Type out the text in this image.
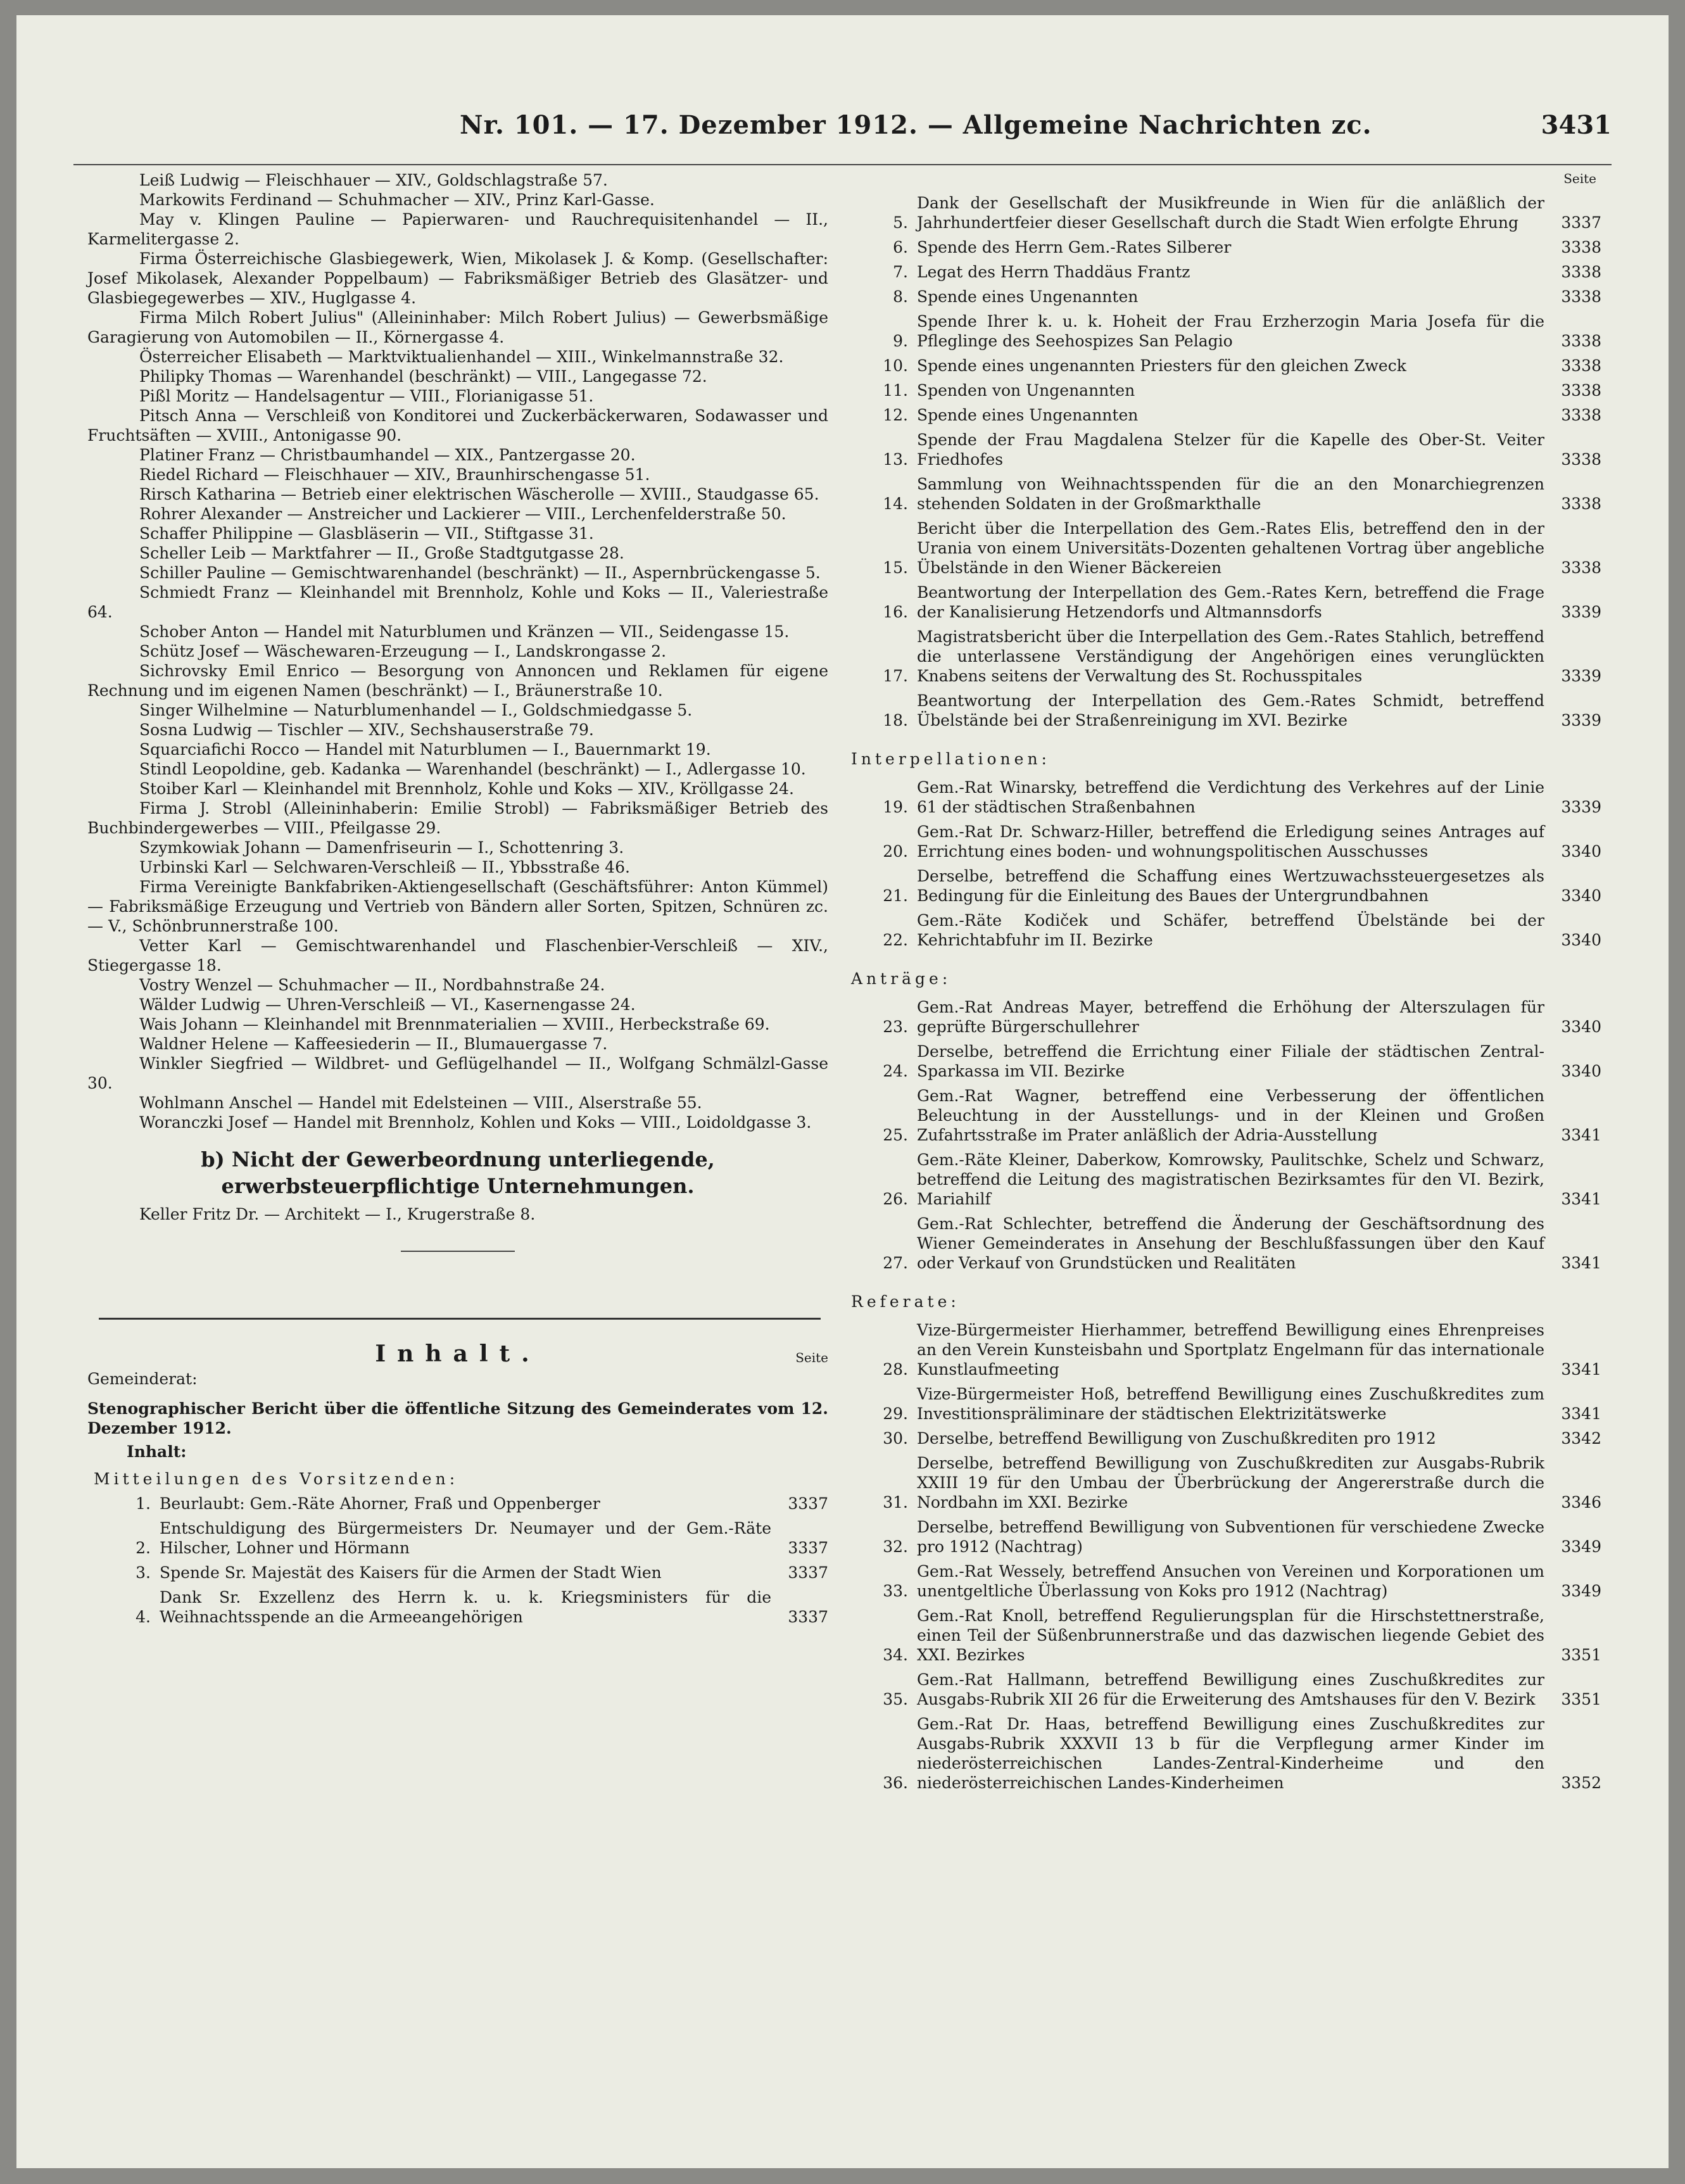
Nr. 101. — 17. Dezember 1912. — Allgemeine Nachrichten zc.	3431

Leiß Ludwig — Fleischhauer — XIV., Goldschlagstraße 57.

Markowits Ferdinand — Schuhmacher — XIV., Prinz Karl-Gasse.

May v. Klingen Pauline — Papierwaren- und Rauchrequisitenhandel — II., Karmelitergasse 2.

Firma Österreichische Glasbiegewerk, Wien, Mikolasek J. & Komp. (Gesellschafter: Josef Mikolasek, Alexander Poppelbaum) — Fabriksmäßiger Betrieb des Glasätzer- und Glasbiegegewerbes — XIV., Huglgasse 4.

Firma Milch Robert Julius" (Alleininhaber: Milch Robert Julius) — Gewerbsmäßige Garagierung von Automobilen — II., Körnergasse 4.

Österreicher Elisabeth — Marktviktualienhandel — XIII., Winkelmannstraße 32.

Philipky Thomas — Warenhandel (beschränkt) — VIII., Langegasse 72.

Pißl Moritz — Handelsagentur — VIII., Florianigasse 51.

Pitsch Anna — Verschleiß von Konditorei und Zuckerbäckerwaren, Sodawasser und Fruchtsäften — XVIII., Antonigasse 90.

Platiner Franz — Christbaumhandel — XIX., Pantzergasse 20.

Riedel Richard — Fleischhauer — XIV., Braunhirschengasse 51.

Rirsch Katharina — Betrieb einer elektrischen Wäscherolle — XVIII., Staudgasse 65.

Rohrer Alexander — Anstreicher und Lackierer — VIII., Lerchenfelderstraße 50.

Schaffer Philippine — Glasbläserin — VII., Stiftgasse 31.

Scheller Leib — Marktfahrer — II., Große Stadtgutgasse 28.

Schiller Pauline — Gemischtwarenhandel (beschränkt) — II., Aspernbrückengasse 5.

Schmiedt Franz — Kleinhandel mit Brennholz, Kohle und Koks — II., Valeriestraße 64.

Schober Anton — Handel mit Naturblumen und Kränzen — VII., Seidengasse 15.

Schütz Josef — Wäschewaren-Erzeugung — I., Landskrongasse 2.

Sichrovsky Emil Enrico — Besorgung von Annoncen und Reklamen für eigene Rechnung und im eigenen Namen (beschränkt) — I., Bräunerstraße 10.

Singer Wilhelmine — Naturblumenhandel — I., Goldschmiedgasse 5.

Sosna Ludwig — Tischler — XIV., Sechshauserstraße 79.

Squarciafichi Rocco — Handel mit Naturblumen — I., Bauernmarkt 19.

Stindl Leopoldine, geb. Kadanka — Warenhandel (beschränkt) — I., Adlergasse 10.

Stoiber Karl — Kleinhandel mit Brennholz, Kohle und Koks — XIV., Kröllgasse 24.

Firma J. Strobl (Alleininhaberin: Emilie Strobl) — Fabriksmäßiger Betrieb des Buchbindergewerbes — VIII., Pfeilgasse 29.

Szymkowiak Johann — Damenfriseurin — I., Schottenring 3.

Urbinski Karl — Selchwaren-Verschleiß — II., Ybbsstraße 46.

Firma Vereinigte Bankfabriken-Aktiengesellschaft (Geschäftsführer: Anton Kümmel) — Fabriksmäßige Erzeugung und Vertrieb von Bändern aller Sorten, Spitzen, Schnüren zc. — V., Schönbrunnerstraße 100.

Vetter Karl — Gemischtwarenhandel und Flaschenbier-Verschleiß — XIV., Stiegergasse 18.

Vostry Wenzel — Schuhmacher — II., Nordbahnstraße 24.

Wälder Ludwig — Uhren-Verschleiß — VI., Kasernengasse 24.

Wais Johann — Kleinhandel mit Brennmaterialien — XVIII., Herbeckstraße 69.

Waldner Helene — Kaffeesiederin — II., Blumauergasse 7.

Winkler Siegfried — Wildbret- und Geflügelhandel — II., Wolfgang Schmälzl-Gasse 30.

Wohlmann Anschel — Handel mit Edelsteinen — VIII., Alserstraße 55.

Woranczki Josef — Handel mit Brennholz, Kohlen und Koks — VIII., Loidoldgasse 3.

b) Nicht der Gewerbeordnung unterliegende, erwerbsteuerpflichtige Unternehmungen.

Keller Fritz Dr. — Architekt — I., Krugerstraße 8.

Inhalt.	Seite

Gemeinderat:

Stenographischer Bericht über die öffentliche Sitzung des Gemeinderates vom 12. Dezember 1912.

Inhalt:

Mitteilungen des Vorsitzenden:

1. Beurlaubt: Gem.-Räte Ahorner, Fraß und Oppenberger	3337
2.
Entschuldigung des Bürgermeisters Dr. Neumayer und der Gem.-Räte Hilscher, Lohner und Hörmann	3337
3. Spende Sr. Majestät des Kaisers für die Armen der Stadt Wien	3337
4.
Dank Sr. Exzellenz des Herrn k. u. k. Kriegsministers für die Weihnachtsspende an die Armeeangehörigen	3337
Seite
5.
Dank der Gesellschaft der Musikfreunde in Wien für die anläßlich der Jahrhundertfeier dieser Gesellschaft durch die Stadt Wien erfolgte Ehrung	3337
6. Spende des Herrn Gem.-Rates Silberer	3338
7. Legat des Herrn Thaddäus Frantz	3338
8. Spende eines Ungenannten	3338
9.
Spende Ihrer k. u. k. Hoheit der Frau Erzherzogin Maria Josefa für die Pfleglinge des Seehospizes San Pelagio	3338
10. Spende eines ungenannten Priesters für den gleichen Zweck	3338
11. Spenden von Ungenannten	3338
12. Spende eines Ungenannten	3338
13.
Spende der Frau Magdalena Stelzer für die Kapelle des Ober-St. Veiter Friedhofes	3338
14.
Sammlung von Weihnachtsspenden für die an den Monarchiegrenzen stehenden Soldaten in der Großmarkthalle	3338
15.
Bericht über die Interpellation des Gem.-Rates Elis, betreffend den in der Urania von einem Universitäts-Dozenten gehaltenen Vortrag über angebliche Übelstände in den Wiener Bäckereien	3338
16.
Beantwortung der Interpellation des Gem.-Rates Kern, betreffend die Frage der Kanalisierung Hetzendorfs und Altmannsdorfs	3339
17.
Magistratsbericht über die Interpellation des Gem.-Rates Stahlich, betreffend die unterlassene Verständigung der Angehörigen eines verunglückten Knabens seitens der Verwaltung des St. Rochusspitales	3339
18.
Beantwortung der Interpellation des Gem.-Rates Schmidt, betreffend Übelstände bei der Straßenreinigung im XVI. Bezirke	3339

Interpellationen:

19.
Gem.-Rat Winarsky, betreffend die Verdichtung des Verkehres auf der Linie 61 der städtischen Straßenbahnen	3339
20.
Gem.-Rat Dr. Schwarz-Hiller, betreffend die Erledigung seines Antrages auf Errichtung eines boden- und wohnungspolitischen Ausschusses	3340
21.
Derselbe, betreffend die Schaffung eines Wertzuwachssteuergesetzes als Bedingung für die Einleitung des Baues der Untergrundbahnen	3340
22.
Gem.-Räte Kodiček und Schäfer, betreffend Übelstände bei der Kehrichtabfuhr im II. Bezirke	3340

Anträge:

23.
Gem.-Rat Andreas Mayer, betreffend die Erhöhung der Alterszulagen für geprüfte Bürgerschullehrer	3340
24.
Derselbe, betreffend die Errichtung einer Filiale der städtischen Zentral-Sparkassa im VII. Bezirke	3340
25.
Gem.-Rat Wagner, betreffend eine Verbesserung der öffentlichen Beleuchtung in der Ausstellungs- und in der Kleinen und Großen Zufahrtsstraße im Prater anläßlich der Adria-Ausstellung	3341
26.
Gem.-Räte Kleiner, Daberkow, Komrowsky, Paulitschke, Schelz und Schwarz, betreffend die Leitung des magistratischen Bezirksamtes für den VI. Bezirk, Mariahilf	3341
27.
Gem.-Rat Schlechter, betreffend die Änderung der Geschäftsordnung des Wiener Gemeinderates in Ansehung der Beschlußfassungen über den Kauf oder Verkauf von Grundstücken und Realitäten	3341

Referate:

28.
Vize-Bürgermeister Hierhammer, betreffend Bewilligung eines Ehrenpreises an den Verein Kunsteisbahn und Sportplatz Engelmann für das internationale Kunstlaufmeeting	3341
29.
Vize-Bürgermeister Hoß, betreffend Bewilligung eines Zuschußkredites zum Investitionspräliminare der städtischen Elektrizitätswerke	3341
30. Derselbe, betreffend Bewilligung von Zuschußkrediten pro 1912	3342
31.
Derselbe, betreffend Bewilligung von Zuschußkrediten zur Ausgabs-Rubrik XXIII 19 für den Umbau der Überbrückung der Angererstraße durch die Nordbahn im XXI. Bezirke	3346
32.
Derselbe, betreffend Bewilligung von Subventionen für verschiedene Zwecke pro 1912 (Nachtrag)	3349
33.
Gem.-Rat Wessely, betreffend Ansuchen von Vereinen und Korporationen um unentgeltliche Überlassung von Koks pro 1912 (Nachtrag)	3349
34.
Gem.-Rat Knoll, betreffend Regulierungsplan für die Hirschstettnerstraße, einen Teil der Süßenbrunnerstraße und das dazwischen liegende Gebiet des XXI. Bezirkes	3351
35.
Gem.-Rat Hallmann, betreffend Bewilligung eines Zuschußkredites zur Ausgabs-Rubrik XII 26 für die Erweiterung des Amtshauses für den V. Bezirk	3351
36.
Gem.-Rat Dr. Haas, betreffend Bewilligung eines Zuschußkredites zur Ausgabs-Rubrik XXXVII 13 b für die Verpflegung armer Kinder im niederösterreichischen Landes-Zentral-Kinderheime und den niederösterreichischen Landes-Kinderheimen	3352
